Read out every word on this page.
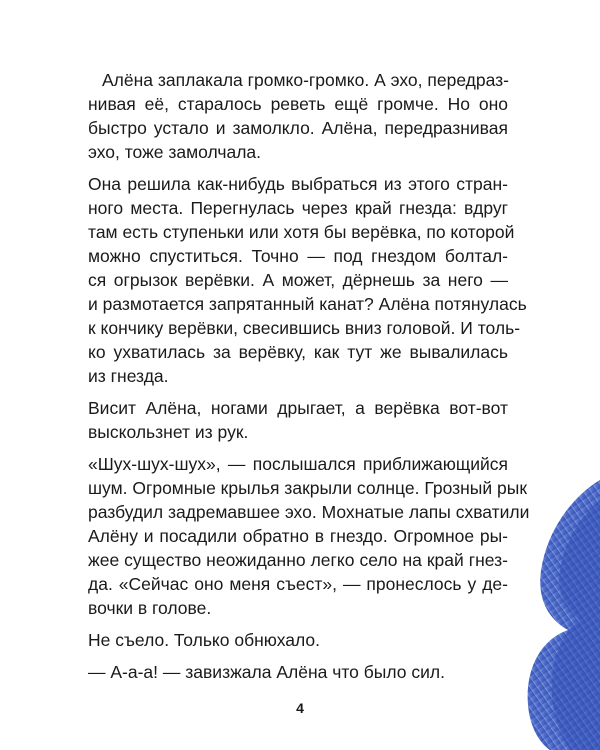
Алёна заплакала громко-громко. А эхо, передраз-
нивая её, старалось реветь ещё громче. Но оно
быстро устало и замолкло. Алёна, передразнивая
эхо, тоже замолчала.
Она решила как-нибудь выбраться из этого стран-
ного места. Перегнулась через край гнезда: вдруг
там есть ступеньки или хотя бы верёвка, по которой
можно спуститься. Точно — под гнездом болтал-
ся огрызок верёвки. А может, дёрнешь за него —
и размотается запрятанный канат? Алёна потянулась
к кончику верёвки, свесившись вниз головой. И толь-
ко ухватилась за верёвку, как тут же вывалилась
из гнезда.
Висит Алёна, ногами дрыгает, а верёвка вот-вот
выскользнет из рук.
«Шух-шух-шух», — послышался приближающийся
шум. Огромные крылья закрыли солнце. Грозный рык
разбудил задремавшее эхо. Мохнатые лапы схватили
Алёну и посадили обратно в гнездо. Огромное ры-
жее существо неожиданно легко село на край гнез-
да. «Сейчас оно меня съест», — пронеслось у де-
вочки в голове.
Не съело. Только обнюхало.
— А-а-а! — завизжала Алёна что было сил.
4
